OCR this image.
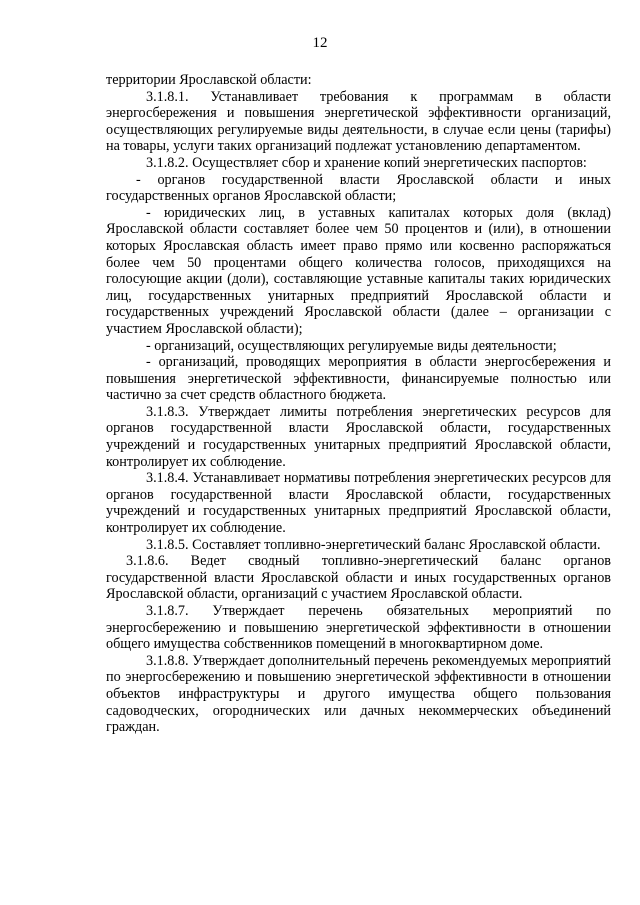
12

территории Ярославской области:

3.1.8.1. Устанавливает требования к программам в области энергосбережения и повышения энергетической эффективности организаций, осуществляющих регулируемые виды деятельности, в случае если цены (тарифы) на товары, услуги таких организаций подлежат установлению департаментом.

3.1.8.2. Осуществляет сбор и хранение копий энергетических паспортов:

- органов государственной власти Ярославской области и иных государственных органов Ярославской области;

- юридических лиц, в уставных капиталах которых доля (вклад) Ярославской области составляет более чем 50 процентов и (или), в отношении которых Ярославская область имеет право прямо или косвенно распоряжаться более чем 50 процентами общего количества голосов, приходящихся на голосующие акции (доли), составляющие уставные капиталы таких юридических лиц, государственных унитарных предприятий Ярославской области и государственных учреждений Ярославской области (далее – организации с участием Ярославской области);

- организаций, осуществляющих регулируемые виды деятельности;

- организаций, проводящих мероприятия в области энергосбережения и повышения энергетической эффективности, финансируемые полностью или частично за счет средств областного бюджета.

3.1.8.3. Утверждает лимиты потребления энергетических ресурсов для органов государственной власти Ярославской области, государственных учреждений и государственных унитарных предприятий Ярославской области, контролирует их соблюдение.

3.1.8.4. Устанавливает нормативы потребления энергетических ресурсов для органов государственной власти Ярославской области, государственных учреждений и государственных унитарных предприятий Ярославской области, контролирует их соблюдение.

3.1.8.5. Составляет топливно-энергетический баланс Ярославской области.

3.1.8.6. Ведет сводный топливно-энергетический баланс органов государственной власти Ярославской области и иных государственных органов Ярославской области, организаций с участием Ярославской области.

3.1.8.7. Утверждает перечень обязательных мероприятий по энергосбережению и повышению энергетической эффективности в отношении общего имущества собственников помещений в многоквартирном доме.

3.1.8.8. Утверждает дополнительный перечень рекомендуемых мероприятий по энергосбережению и повышению энергетической эффективности в отношении объектов инфраструктуры и другого имущества общего пользования садоводческих, огороднических или дачных некоммерческих объединений граждан.
